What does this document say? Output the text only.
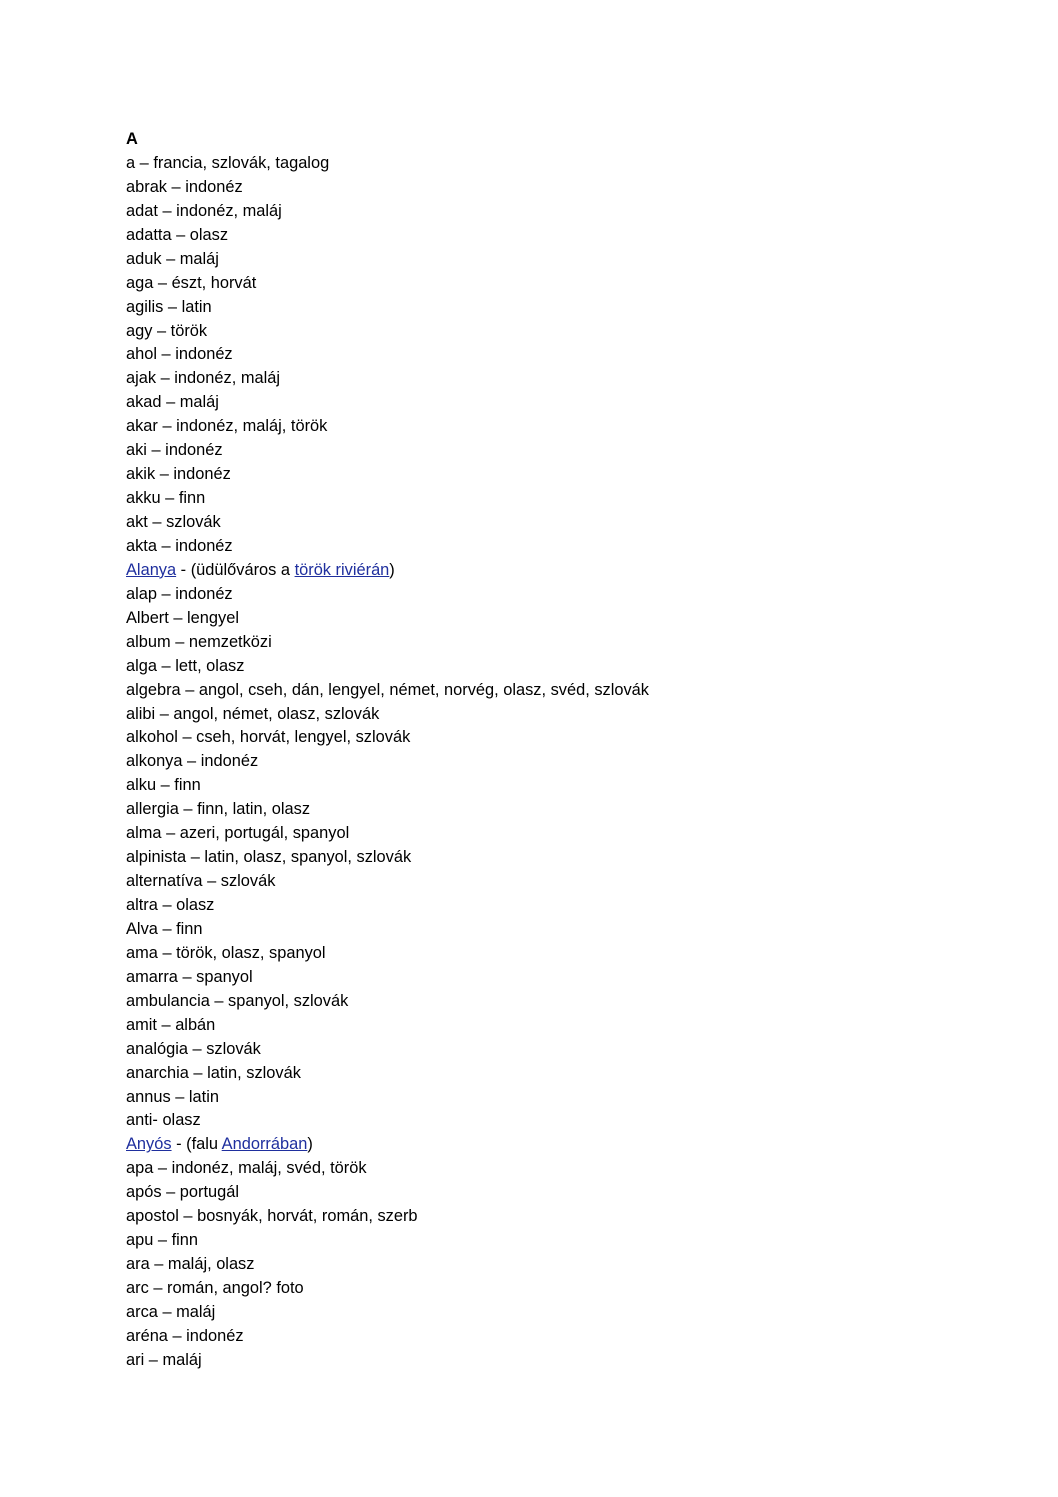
A
a – francia, szlovák, tagalog
abrak – indonéz
adat – indonéz, maláj
adatta – olasz
aduk – maláj
aga – észt, horvát
agilis – latin
agy – török
ahol – indonéz
ajak – indonéz, maláj
akad – maláj
akar – indonéz, maláj, török
aki – indonéz
akik – indonéz
akku – finn
akt – szlovák
akta – indonéz
Alanya - (üdülőváros a török riviérán)
alap – indonéz
Albert – lengyel
album – nemzetközi
alga – lett, olasz
algebra – angol, cseh, dán, lengyel, német, norvég, olasz, svéd, szlovák
alibi – angol, német, olasz, szlovák
alkohol – cseh, horvát, lengyel, szlovák
alkonya – indonéz
alku – finn
allergia – finn, latin, olasz
alma – azeri, portugál, spanyol
alpinista – latin, olasz, spanyol, szlovák
alternatíva – szlovák
altra – olasz
Alva – finn
ama – török, olasz, spanyol
amarra – spanyol
ambulancia – spanyol, szlovák
amit – albán
analógia – szlovák
anarchia – latin, szlovák
annus – latin
anti- olasz
Anyós - (falu Andorrában)
apa – indonéz, maláj, svéd, török
após – portugál
apostol – bosnyák, horvát, román, szerb
apu – finn
ara – maláj, olasz
arc – román, angol? foto
arca – maláj
aréna – indonéz
ari – maláj
